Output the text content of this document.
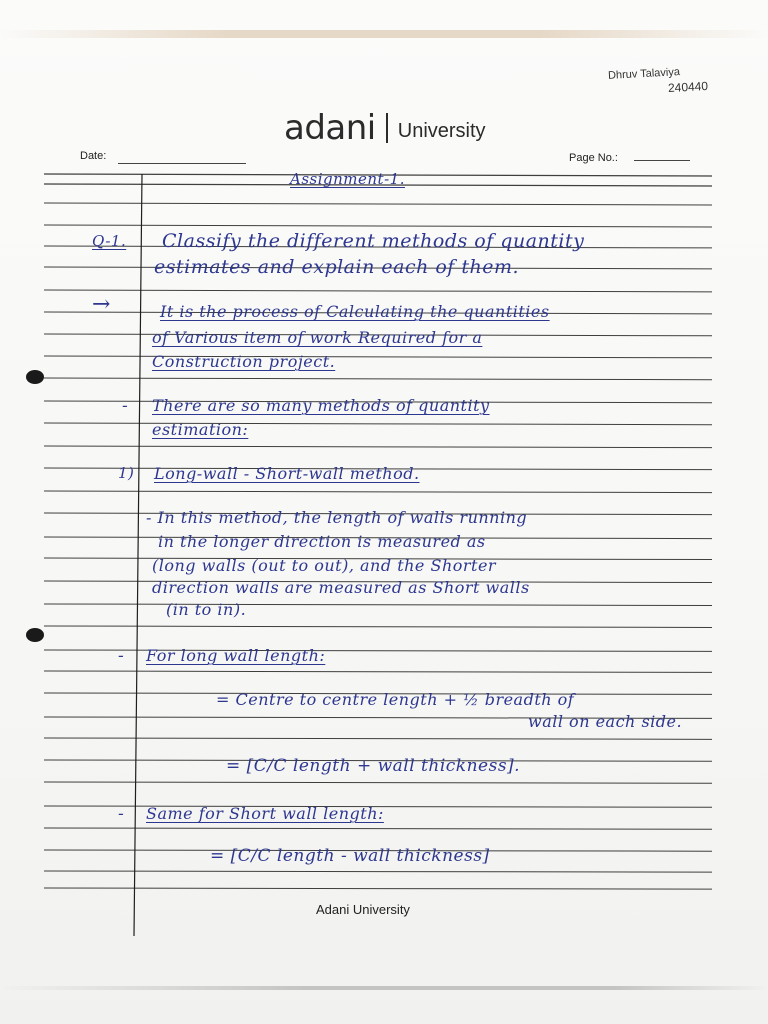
Dhruv Talaviya
240440
adani University
Date:	Page No.:
Assignment-1.
Q-1. Classify the different methods of quantity
estimates and explain each of them.
→	It is the process of Calculating the quantities
of Various item of work Required for a
Construction project.
- There are so many methods of quantity
estimation:
1) Long-wall - Short-wall method.
- In this method, the length of walls running
in the longer direction is measured as
(long walls (out to out), and the Shorter
direction walls are measured as Short walls
(in to in).
- For long wall length:
= Centre to centre length + ½ breadth of
wall on each side.
= [C/C length + wall thickness].
- Same for Short wall length:
= [C/C length - wall thickness]
Adani University
